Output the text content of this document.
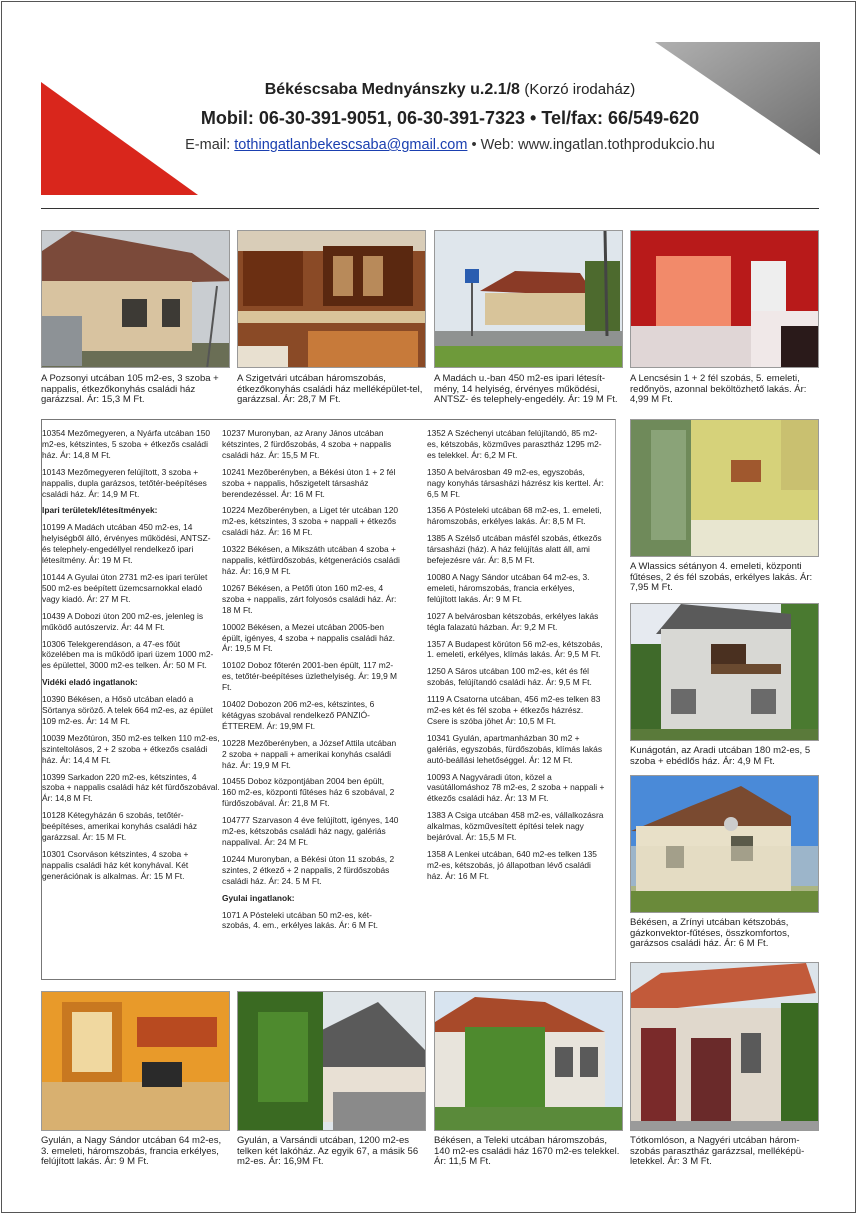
Békéscsaba Mednyánszky u.2.1/8 (Korzó irodaház)
Mobil: 06-30-391-9051, 06-30-391-7323 • Tel/fax: 66/549-620
E-mail: tothingatlanbekescsaba@gmail.com • Web: www.ingatlan.tothprodukcio.hu
A Pozsonyi utcában 105 m2-es, 3 szoba + nappalis, étkezőkonyhás családi ház garázzsal. Ár: 15,3 M Ft.
A Szigetvári utcában háromszobás, étkezőkonyhás családi ház melléképület-tel, garázzsal. Ár: 28,7 M Ft.
A Madách u.-ban 450 m2-es ipari létesít-mény, 14 helyiség, érvényes működési, ANTSZ- és telephely-engedély. Ár: 19 M Ft.
A Lencsésin 1 + 2 fél szobás, 5. emeleti, redőnyös, azonnal beköltözhető lakás. Ár: 4,99 M Ft.
10354 Mezőmegyeren, a Nyárfa utcában 150 m2-es, kétszintes, 5 szoba + étkezős családi ház. Ár: 14,8 M Ft.
10143 Mezőmegyeren felújított, 3 szoba + nappalis, dupla garázsos, tetőtér-beépítéses családi ház. Ár: 14,9 M Ft.
Ipari területek/létesítmények:
10199 A Madách utcában 450 m2-es, 14 helyiségből álló, érvényes működési, ANTSZ- és telephely-engedéllyel rendelkező ipari létesítmény. Ár: 19 M Ft.
10144 A Gyulai úton 2731 m2-es ipari terület 500 m2-es beépített üzemcsarnokkal eladó vagy kiadó. Ár: 27 M Ft.
10439 A Dobozi úton 200 m2-es, jelenleg is működő autószerviz. Ár: 44 M Ft.
10306 Telekgerendáson, a 47-es főút közelében ma is működő ipari üzem 1000 m2-es épülettel, 3000 m2-es telken. Ár: 50 M Ft.
Vidéki eladó ingatlanok:
10390 Békésen, a Hősö utcában eladó a Sörtanya söröző. A telek 664 m2-es, az épület 109 m2-es. Ár: 14 M Ft.
10039 Mezőtúron, 350 m2-es telken 110 m2-es, szinteltolásos, 2 + 2 szoba + étkezős családi ház. Ár: 14,4 M Ft.
10399 Sarkadon 220 m2-es, kétszintes, 4 szoba + nappalis családi ház két fürdőszobával. Ár: 14,8 M Ft.
10128 Kétegyházán 6 szobás, tetőtér-beépítéses, amerikai konyhás családi ház garázzsal. Ár: 15 M Ft.
10301 Csorváson kétszintes, 4 szoba + nappalis családi ház két konyhával. Két generációnak is alkalmas. Ár: 15 M Ft.
10237 Muronyban, az Arany János utcában kétszintes, 2 fürdőszobás, 4 szoba + nappalis családi ház. Ár: 15,5 M Ft.
10241 Mezőberényben, a Békési úton 1 + 2 fél szoba + nappalis, hőszigetelt társasház berendezéssel. Ár: 16 M Ft.
10224 Mezőberényben, a Liget tér utcában 120 m2-es, kétszintes, 3 szoba + nappali + étkezős családi ház. Ár: 16 M Ft.
10322 Békésen, a Mikszáth utcában 4 szoba + nappalis, kétfürdőszobás, kétgenerációs családi ház. Ár: 16,9 M Ft.
10267 Békésen, a Petőfi úton 160 m2-es, 4 szoba + nappalis, zárt folyosós családi ház. Ár: 18 M Ft.
10002 Békésen, a Mezei utcában 2005-ben épült, igényes, 4 szoba + nappalis családi ház. Ár: 19,5 M Ft.
10102 Doboz főterén 2001-ben épült, 117 m2-es, tetőtér-beépítéses üzlethelyiség. Ár: 19,9 M Ft.
10402 Dobozon 206 m2-es, kétszintes, 6 kétágyas szobával rendelkező PANZIÓ-ÉTTEREM. Ár: 19,9M Ft.
10228 Mezőberényben, a József Attila utcában 2 szoba + nappali + amerikai konyhás családi ház. Ár: 19,9 M Ft.
10455 Doboz központjában 2004 ben épült, 160 m2-es, központi fűtéses ház 6 szobával, 2 fürdőszobával. Ár: 21,8 M Ft.
104777 Szarvason 4 éve felújított, igényes, 140 m2-es, kétszobás családi ház nagy, galériás nappalival. Ár: 24 M Ft.
10244 Muronyban, a Békési úton 11 szobás, 2 szintes, 2 étkező + 2 nappalis, 2 fürdőszobás családi ház. Ár: 24. 5 M Ft.
Gyulai ingatlanok:
1071 A Pósteleki utcában 50 m2-es, két-szobás, 4. em., erkélyes lakás. Ár: 6 M Ft.
1352 A Széchenyi utcában felújítandó, 85 m2-es, kétszobás, közműves parasztház 1295 m2-es telekkel. Ár: 6,2 M Ft.
1350 A belvárosban 49 m2-es, egyszobás, nagy konyhás társasházi házrész kis kerttel. Ár: 6,5 M Ft.
1356 A Pósteleki utcában 68 m2-es, 1. emeleti, háromszobás, erkélyes lakás. Ár: 8,5 M Ft.
1385 A Szélső utcában másfél szobás, étkezős társasházi (ház). A ház felújítás alatt áll, ami befejezésre vár. Ár: 8,5 M Ft.
10080 A Nagy Sándor utcában 64 m2-es, 3. emeleti, háromszobás, francia erkélyes, felújított lakás. Ár: 9 M Ft.
1027 A belvárosban kétszobás, erkélyes lakás tégla falazatú házban. Ár: 9,2 M Ft.
1357 A Budapest körúton 56 m2-es, kétszobás, 1. emeleti, erkélyes, klímás lakás. Ár: 9,5 M Ft.
1250 A Sáros utcában 100 m2-es, két és fél szobás, felújítandó családi ház. Ár: 9,5 M Ft.
1119 A Csatorna utcában, 456 m2-es telken 83 m2-es két és fél szoba + étkezős házrész. Csere is szóba jöhet Ár: 10,5 M Ft.
10341 Gyulán, apartmanházban 30 m2 + galériás, egyszobás, fürdőszobás, klímás lakás autó-beállási lehetőséggel. Ár: 12 M Ft.
10093 A Nagyváradi úton, közel a vasútállomáshoz 78 m2-es, 2 szoba + nappali + étkezős családi ház. Ár: 13 M Ft.
1383 A Csiga utcában 458 m2-es, vállalkozásra alkalmas, közművesített építési telek nagy bejáróval. Ár: 15,5 M Ft.
1358 A Lenkei utcában, 640 m2-es telken 135 m2-es, kétszobás, jó állapotban lévő családi ház. Ár: 16 M Ft.
A Wlassics sétányon 4. emeleti, központi fűtéses, 2 és fél szobás, erkélyes lakás. Ár: 7,95 M Ft.
Kunágotán, az Aradi utcában 180 m2-es, 5 szoba + ebédlős ház. Ár: 4,9 M Ft.
Békésen, a Zrínyi utcában kétszobás, gázkonvektor-fűtéses, összkomfortos, garázsos családi ház. Ár: 6 M Ft.
Gyulán, a Nagy Sándor utcában 64 m2-es, 3. emeleti, háromszobás, francia erkélyes, felújított lakás. Ár: 9 M Ft.
Gyulán, a Varsándi utcában, 1200 m2-es telken két lakóház. Az egyik 67, a másik 56 m2-es. Ár: 16,9M Ft.
Békésen, a Teleki utcában háromszobás, 140 m2-es családi ház 1670 m2-es telekkel. Ár: 11,5 M Ft.
Tótkomlóson, a Nagyéri utcában három-szobás parasztház garázzsal, melléképü-letekkel. Ár: 3 M Ft.
